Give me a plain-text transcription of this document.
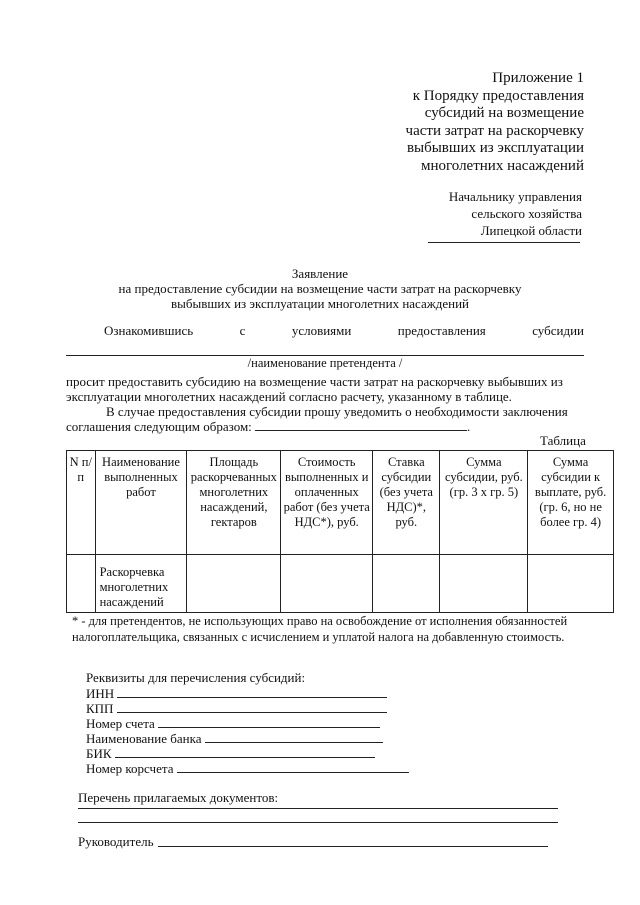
Приложение 1
к Порядку предоставления
субсидий на возмещение
части затрат на раскорчевку
выбывших из эксплуатации
многолетних насаждений
Начальнику управления
сельского хозяйства
Липецкой области
Заявление
на предоставление субсидии на возмещение части затрат на раскорчевку
выбывших из эксплуатации многолетних насаждений
Ознакомившись	с	условиями	предоставления	субсидии
/наименование претендента /
просит предоставить субсидию на возмещение части затрат на раскорчевку выбывших из
эксплуатации многолетних насаждений согласно расчету, указанному в таблице.
В случае предоставления субсидии прошу уведомить о необходимости заключения
соглашения следующим образом:	.
Таблица
N п/п	Наименование выполненных работ	Площадь раскорчеванных многолетних насаждений, гектаров	Стоимость выполненных и оплаченных работ (без учета НДС*), руб.	Ставка субсидии (без учета НДС)*, руб.	Сумма субсидии, руб. (гр. 3 х гр. 5)	Сумма субсидии к выплате, руб. (гр. 6, но не более гр. 4)
	Раскорчевка многолетних насаждений					
* - для претендентов, не использующих право на освобождение от исполнения обязанностей
налогоплательщика, связанных с исчислением и уплатой налога на добавленную стоимость.
Реквизиты для перечисления субсидий:
ИНН
КПП
Номер счета
Наименование банка
БИК
Номер корсчета
Перечень прилагаемых документов:
Руководитель
